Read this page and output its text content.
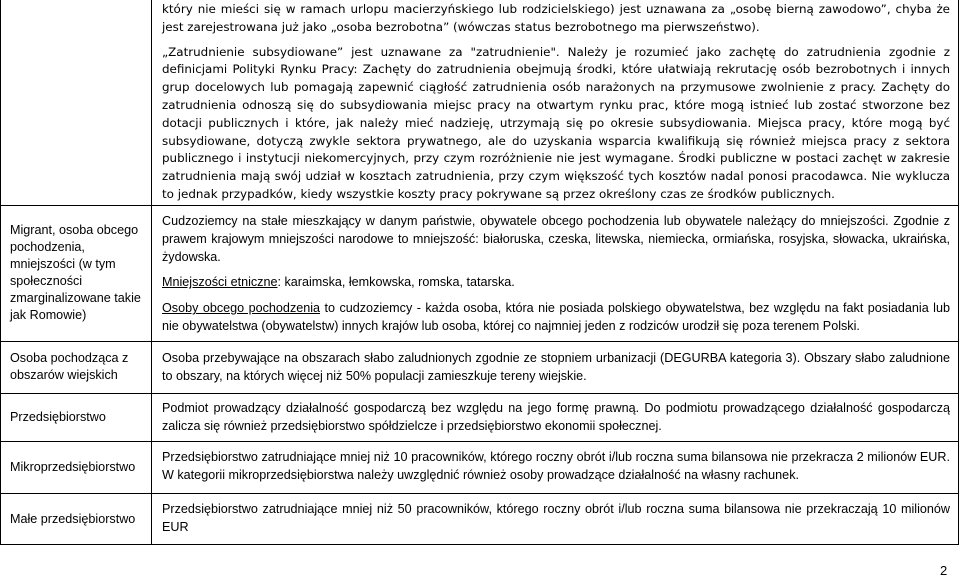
który nie mieści się w ramach urlopu macierzyńskiego lub rodzicielskiego) jest uznawana za „osobę bierną zawodowo”, chyba że jest zarejestrowana już jako „osoba bezrobotna” (wówczas status bezrobotnego ma pierwszeństwo).

„Zatrudnienie subsydiowane” jest uznawane za "zatrudnienie". Należy je rozumieć jako zachętę do zatrudnienia zgodnie z definicjami Polityki Rynku Pracy: Zachęty do zatrudnienia obejmują środki, które ułatwiają rekrutację osób bezrobotnych i innych grup docelowych lub pomagają zapewnić ciągłość zatrudnienia osób narażonych na przymusowe zwolnienie z pracy. Zachęty do zatrudnienia odnoszą się do subsydiowania miejsc pracy na otwartym rynku prac, które mogą istnieć lub zostać stworzone bez dotacji publicznych i które, jak należy mieć nadzieję, utrzymają się po okresie subsydiowania. Miejsca pracy, które mogą być subsydiowane, dotyczą zwykle sektora prywatnego, ale do uzyskania wsparcia kwalifikują się również miejsca pracy z sektora publicznego i instytucji niekomercyjnych, przy czym rozróżnienie nie jest wymagane. Środki publiczne w postaci zachęt w zakresie zatrudnienia mają swój udział w kosztach zatrudnienia, przy czym większość tych kosztów nadal ponosi pracodawca. Nie wyklucza to jednak przypadków, kiedy wszystkie koszty pracy pokrywane są przez określony czas ze środków publicznych.

Migrant, osoba obcego pochodzenia, mniejszości (w tym społeczności zmarginalizowane takie jak Romowie)

Cudzoziemcy na stałe mieszkający w danym państwie, obywatele obcego pochodzenia lub obywatele należący do mniejszości. Zgodnie z prawem krajowym mniejszości narodowe to mniejszość: białoruska, czeska, litewska, niemiecka, ormiańska, rosyjska, słowacka, ukraińska, żydowska.

Mniejszości etniczne: karaimska, łemkowska, romska, tatarska.

Osoby obcego pochodzenia to cudzoziemcy - każda osoba, która nie posiada polskiego obywatelstwa, bez względu na fakt posiadania lub nie obywatelstwa (obywatelstw) innych krajów lub osoba, której co najmniej jeden z rodziców urodził się poza terenem Polski.

Osoba pochodząca z obszarów wiejskich
Osoba przebywające na obszarach słabo zaludnionych zgodnie ze stopniem urbanizacji (DEGURBA kategoria 3). Obszary słabo zaludnione to obszary, na których więcej niż 50% populacji zamieszkuje tereny wiejskie.
Przedsiębiorstwo
Podmiot prowadzący działalność gospodarczą bez względu na jego formę prawną. Do podmiotu prowadzącego działalność gospodarczą zalicza się również przedsiębiorstwo spółdzielcze i przedsiębiorstwo ekonomii społecznej.
Mikroprzedsiębiorstwo
Przedsiębiorstwo zatrudniające mniej niż 10 pracowników, którego roczny obrót i/lub roczna suma bilansowa nie przekracza 2 milionów EUR. W kategorii mikroprzedsiębiorstwa należy uwzględnić również osoby prowadzące działalność na własny rachunek.
Małe przedsiębiorstwo
Przedsiębiorstwo zatrudniające mniej niż 50 pracowników, którego roczny obrót i/lub roczna suma bilansowa nie przekraczają 10 milionów EUR
2
